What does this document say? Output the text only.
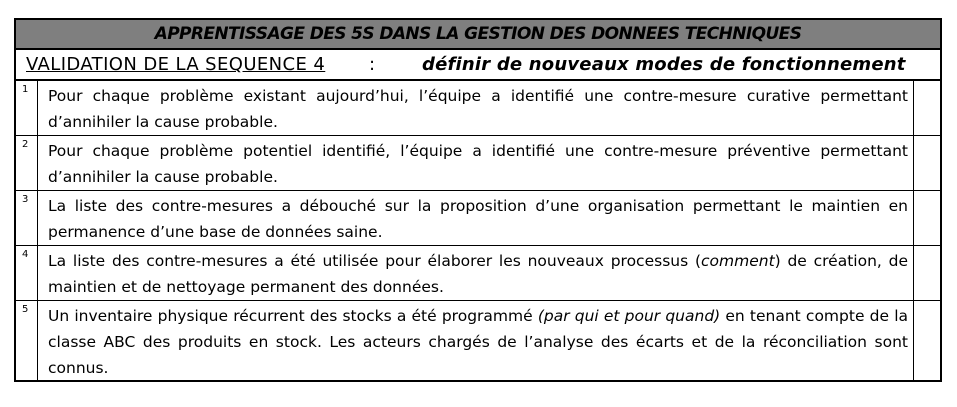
APPRENTISSAGE DES 5S DANS LA GESTION DES DONNEES TECHNIQUES
VALIDATION DE LA SEQUENCE 4 :	définir de nouveaux modes de fonctionnement
1	Pour chaque problème existant aujourd’hui, l’équipe a identifié une contre-mesure curative permettant d’annihiler la cause probable.
2	Pour chaque problème potentiel identifié, l’équipe a identifié une contre-mesure préventive permettant d’annihiler la cause probable.
3	La liste des contre-mesures a débouché sur la proposition d’une organisation permettant le maintien en permanence d’une base de données saine.
4	La liste des contre-mesures a été utilisée pour élaborer les nouveaux processus (comment) de création, de maintien et de nettoyage permanent des données.
5	Un inventaire physique récurrent des stocks a été programmé (par qui et pour quand) en tenant compte de la classe ABC des produits en stock. Les acteurs chargés de l’analyse des écarts et de la réconciliation sont connus.
